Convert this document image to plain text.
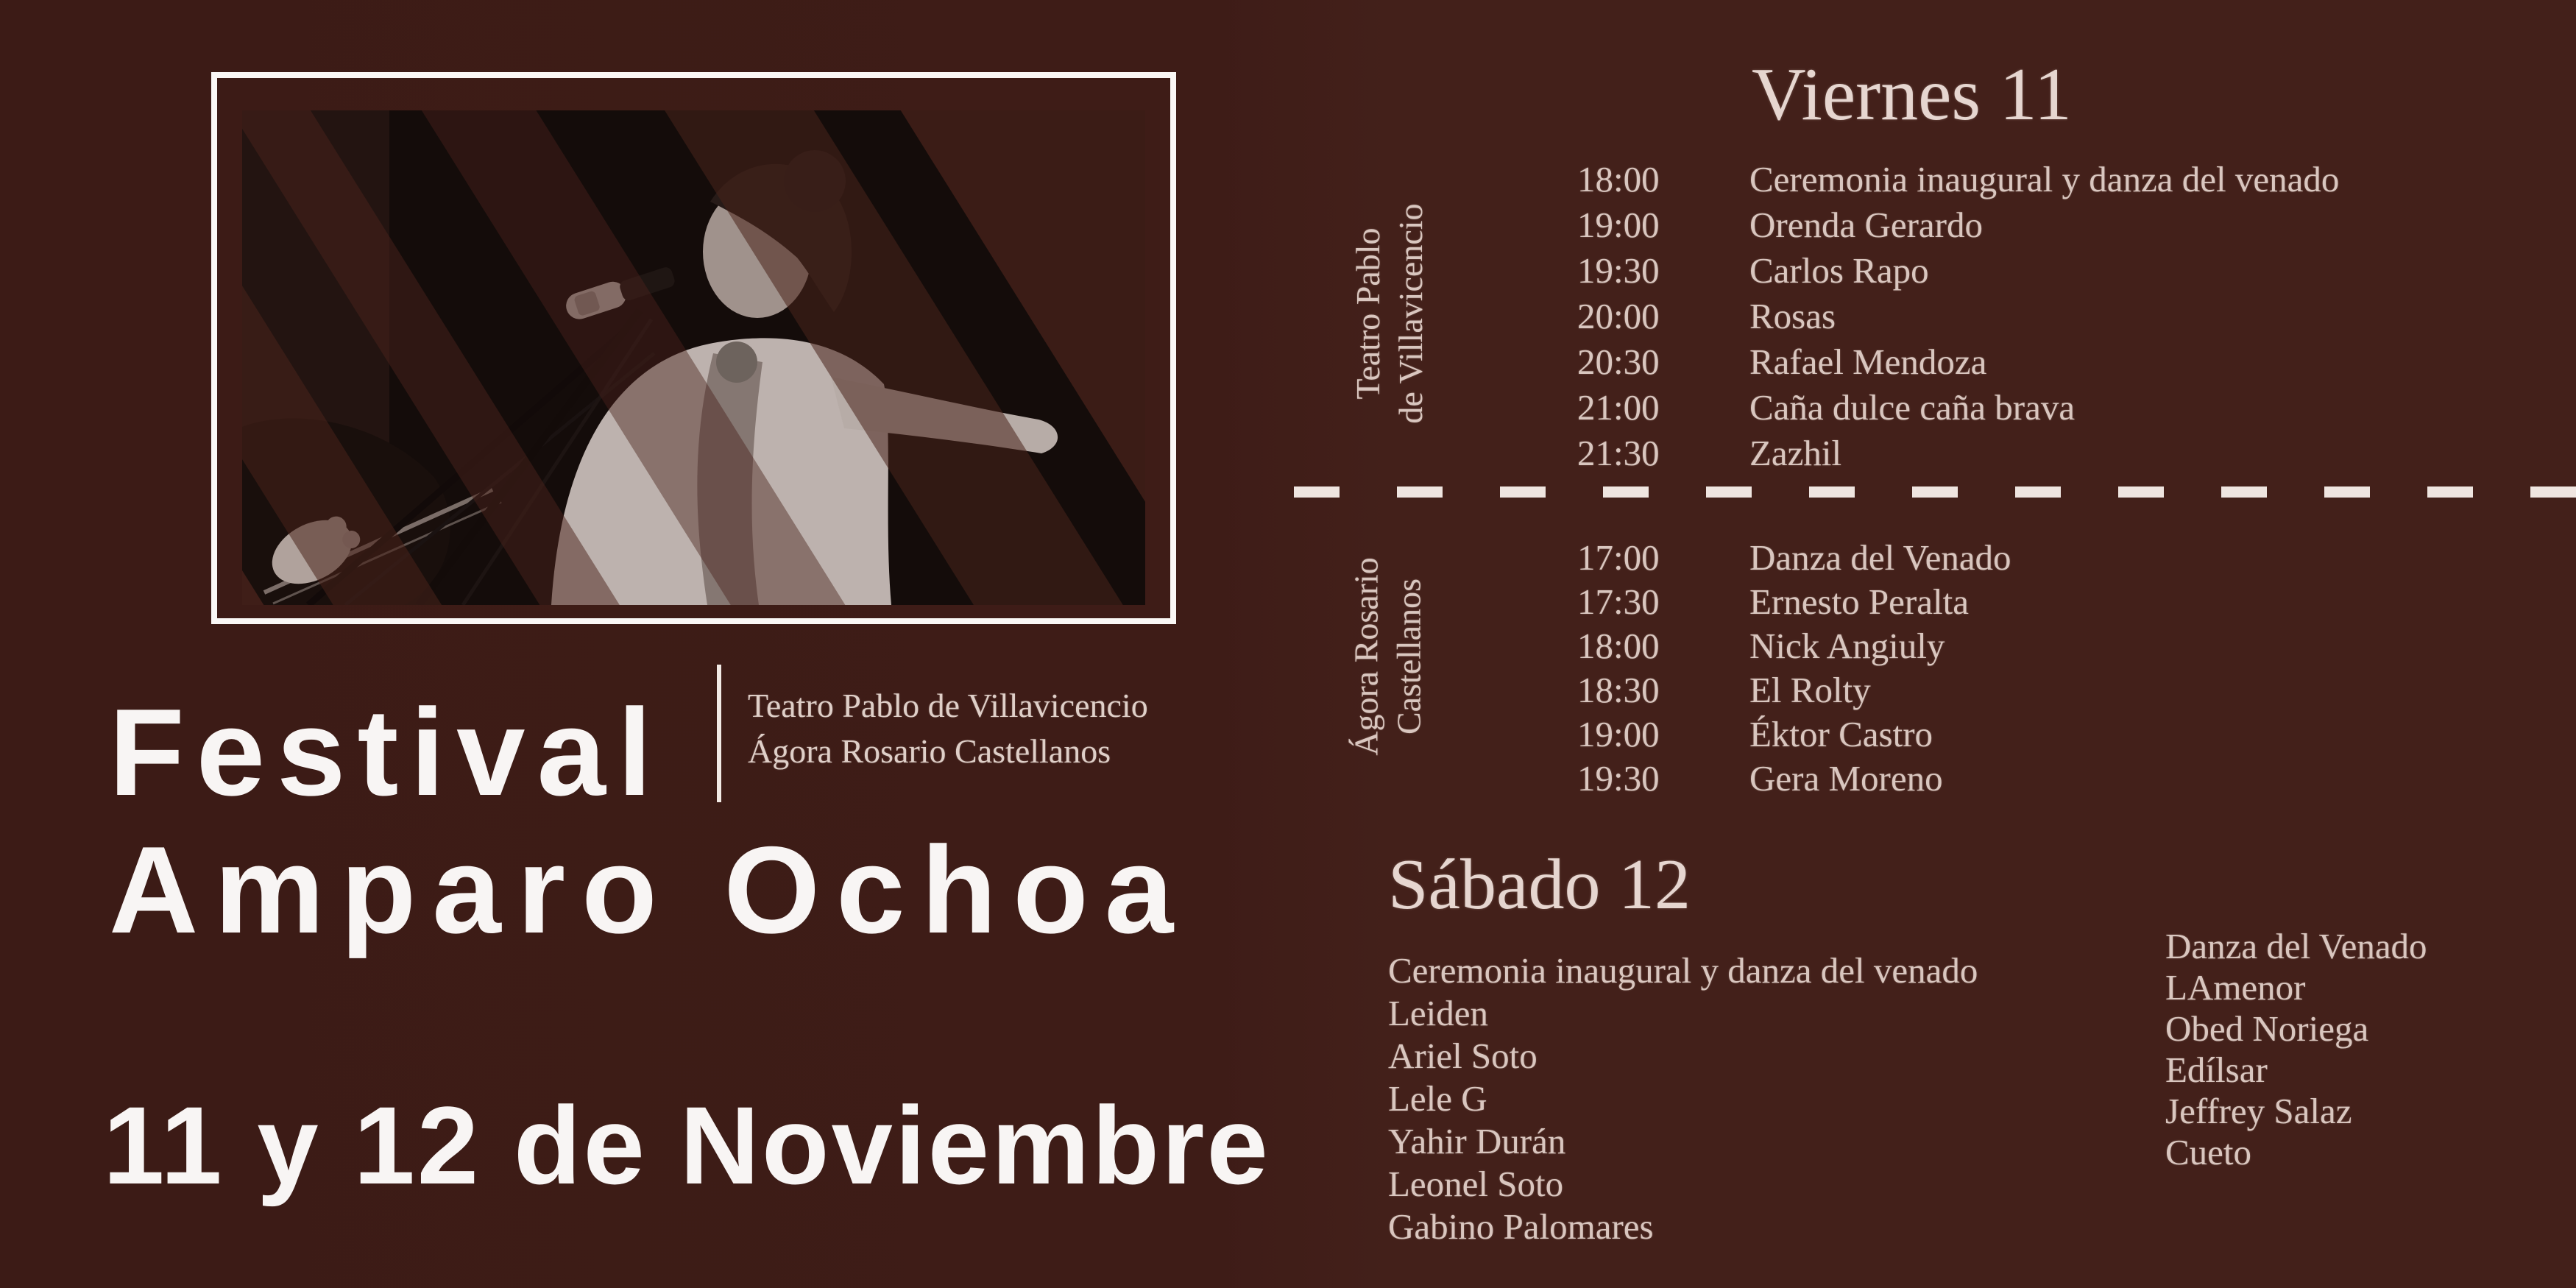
Festival
Amparo Ochoa
11 y 12 de Noviembre
Teatro Pablo de Villavicencio
Ágora Rosario Castellanos
Viernes 11
Teatro Pablo de Villavicencio
18:00	Ceremonia inaugural y danza del venado
19:00	Orenda Gerardo
19:30	Carlos Rapo
20:00	Rosas
20:30	Rafael Mendoza
21:00	Caña dulce caña brava
21:30	Zazhil
Ágora Rosario Castellanos
17:00	Danza del Venado
17:30	Ernesto Peralta
18:00	Nick Angiuly
18:30	El Rolty
19:00	Éktor Castro
19:30	Gera Moreno
Sábado 12
Ceremonia inaugural y danza del venado
Leiden
Ariel Soto
Lele G
Yahir Durán
Leonel Soto
Gabino Palomares
Danza del Venado
LAmenor
Obed Noriega
Edílsar
Jeffrey Salaz
Cueto
